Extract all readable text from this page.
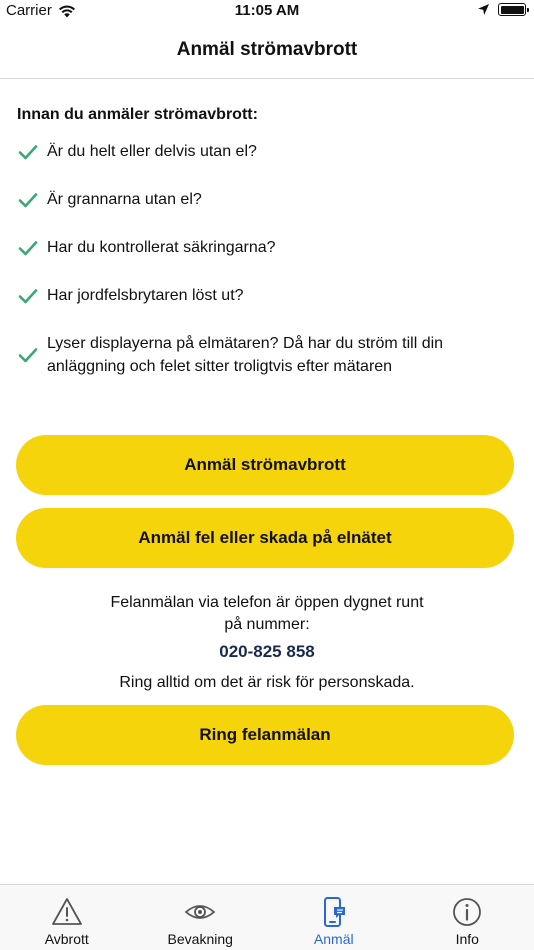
Carrier	11:05 AM
Anmäl strömavbrott
Innan du anmäler strömavbrott:
Är du helt eller delvis utan el?
Är grannarna utan el?
Har du kontrollerat säkringarna?
Har jordfelsbrytaren löst ut?
Lyser displayerna på elmätaren? Då har du ström till din anläggning och felet sitter troligtvis efter mätaren
Anmäl strömavbrott
Anmäl fel eller skada på elnätet
Felanmälan via telefon är öppen dygnet runt
på nummer:
020-825 858
Ring alltid om det är risk för personskada.
Ring felanmälan
Avbrott	Bevakning	Anmäl	Info
